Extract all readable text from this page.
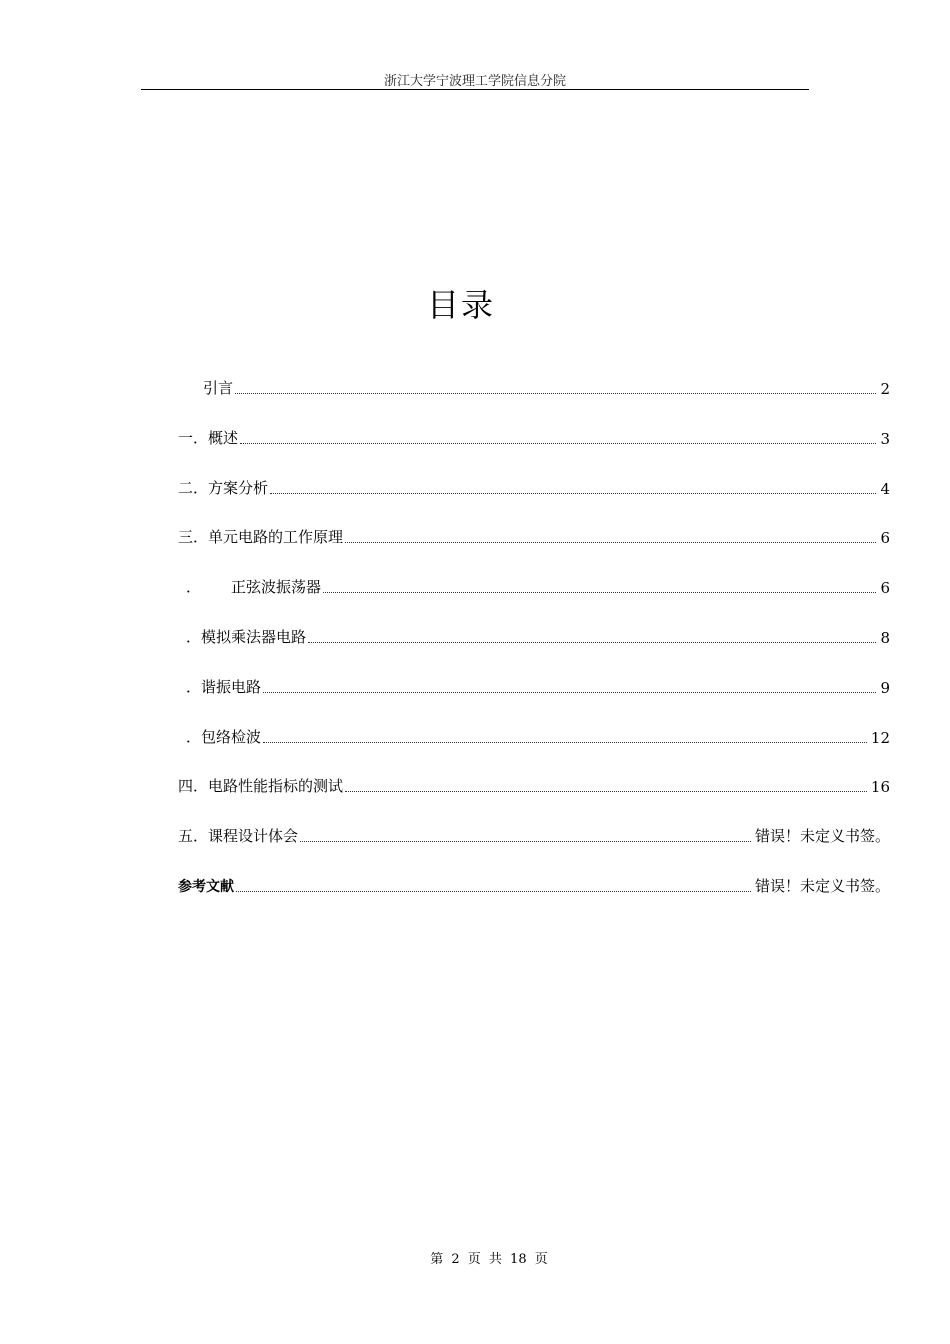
浙江大学宁波理工学院信息分院
目录
引言	2
一．概述	3
二．方案分析	4
三．单元电路的工作原理	6
． 正弦波振荡器	6
．模拟乘法器电路	8
．谐振电路	9
．包络检波	12
四．电路性能指标的测试	16
五．课程设计体会	错误！未定义书签。
参考文献	错误！未定义书签。
第 2 页 共 18 页
